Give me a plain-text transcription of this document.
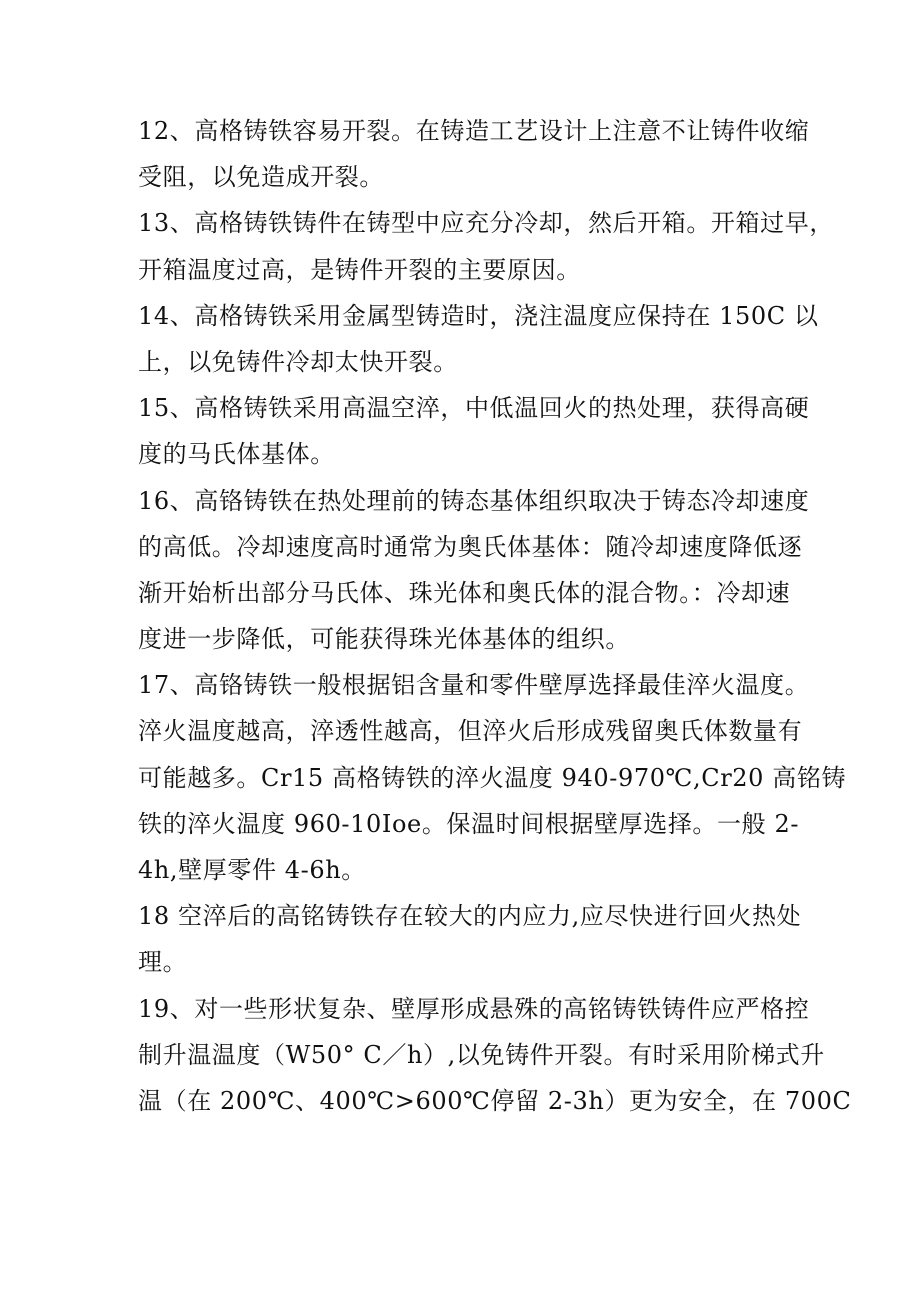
12、高格铸铁容易开裂。在铸造工艺设计上注意不让铸件收缩
受阻，以免造成开裂。
13、高格铸铁铸件在铸型中应充分冷却，然后开箱。开箱过早，
开箱温度过高，是铸件开裂的主要原因。
14、高格铸铁采用金属型铸造时，浇注温度应保持在 150C 以
上，以免铸件冷却太快开裂。
15、高格铸铁采用高温空淬，中低温回火的热处理，获得高硬
度的马氏体基体。
16、高铬铸铁在热处理前的铸态基体组织取决于铸态冷却速度
的高低。冷却速度高时通常为奥氏体基体：随冷却速度降低逐
渐开始析出部分马氏体、珠光体和奥氏体的混合物。：冷却速
度进一步降低，可能获得珠光体基体的组织。
17、高铬铸铁一般根据铝含量和零件壁厚选择最佳淬火温度。
淬火温度越高，淬透性越高，但淬火后形成残留奥氏体数量有
可能越多。Cr15 高格铸铁的淬火温度 940-970℃,Cr20 高铭铸
铁的淬火温度 960-10Ioe。保温时间根据壁厚选择。一般 2-
4h,壁厚零件 4-6h。
18 空淬后的高铭铸铁存在较大的内应力,应尽快进行回火热处
理。
19、对一些形状复杂、壁厚形成悬殊的高铭铸铁铸件应严格控
制升温温度（W50° C／h）,以免铸件开裂。有时采用阶梯式升
温（在 200℃、400℃>600℃停留 2-3h）更为安全，在 700C
